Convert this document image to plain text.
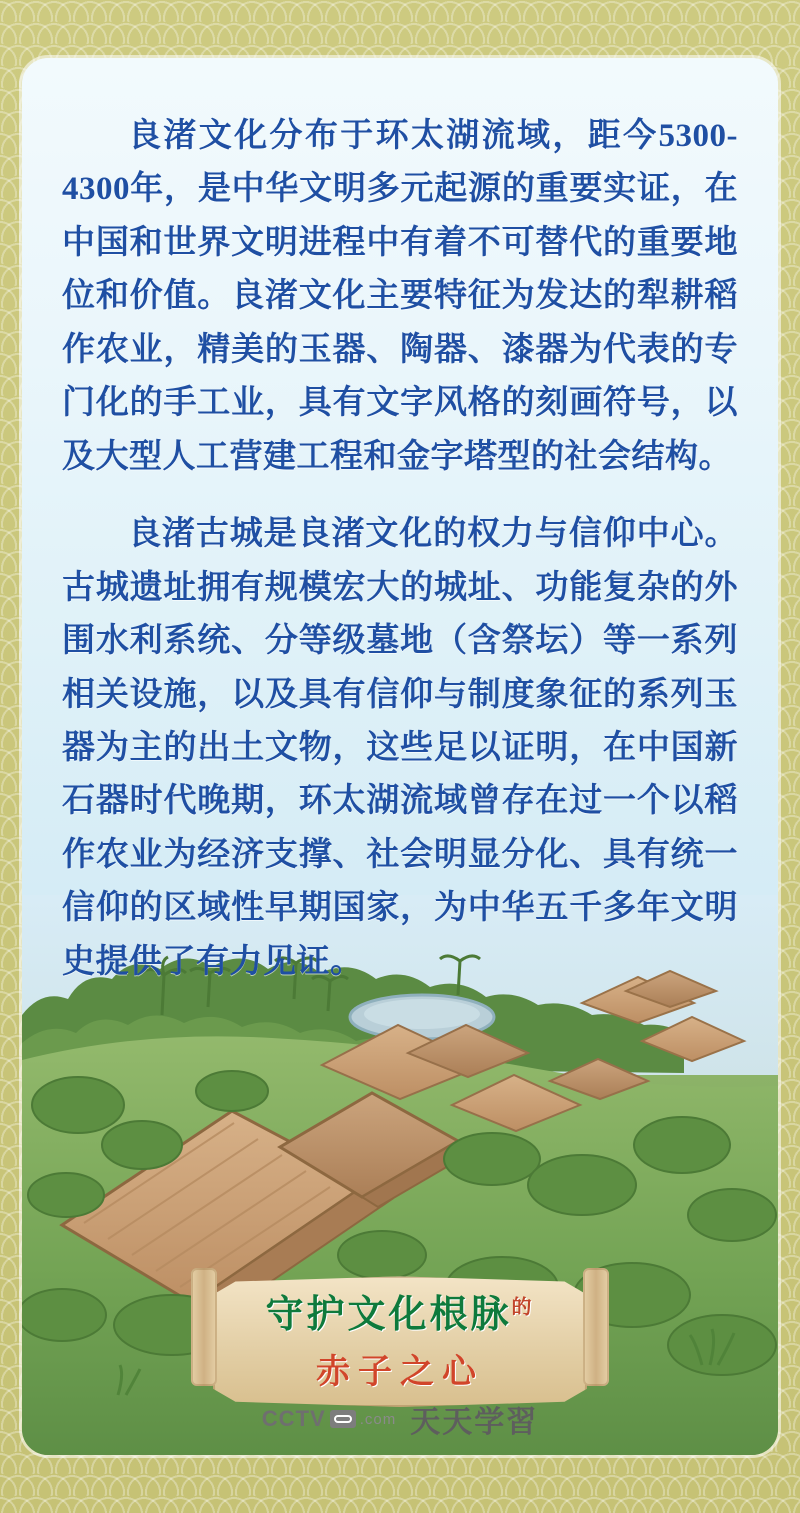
良渚文化分布于环太湖流域，距今5300-4300年，是中华文明多元起源的重要实证，在中国和世界文明进程中有着不可替代的重要地位和价值。良渚文化主要特征为发达的犁耕稻作农业，精美的玉器、陶器、漆器为代表的专门化的手工业，具有文字风格的刻画符号，以及大型人工营建工程和金字塔型的社会结构。

良渚古城是良渚文化的权力与信仰中心。古城遗址拥有规模宏大的城址、功能复杂的外围水利系统、分等级墓地（含祭坛）等一系列相关设施，以及具有信仰与制度象征的系列玉器为主的出土文物，这些足以证明，在中国新石器时代晚期，环太湖流域曾存在过一个以稻作农业为经济支撑、社会明显分化、具有统一信仰的区域性早期国家，为中华五千多年文明史提供了有力见证。

守护文化根脉$^的$
赤子之心
CCTV .com 天天学習
